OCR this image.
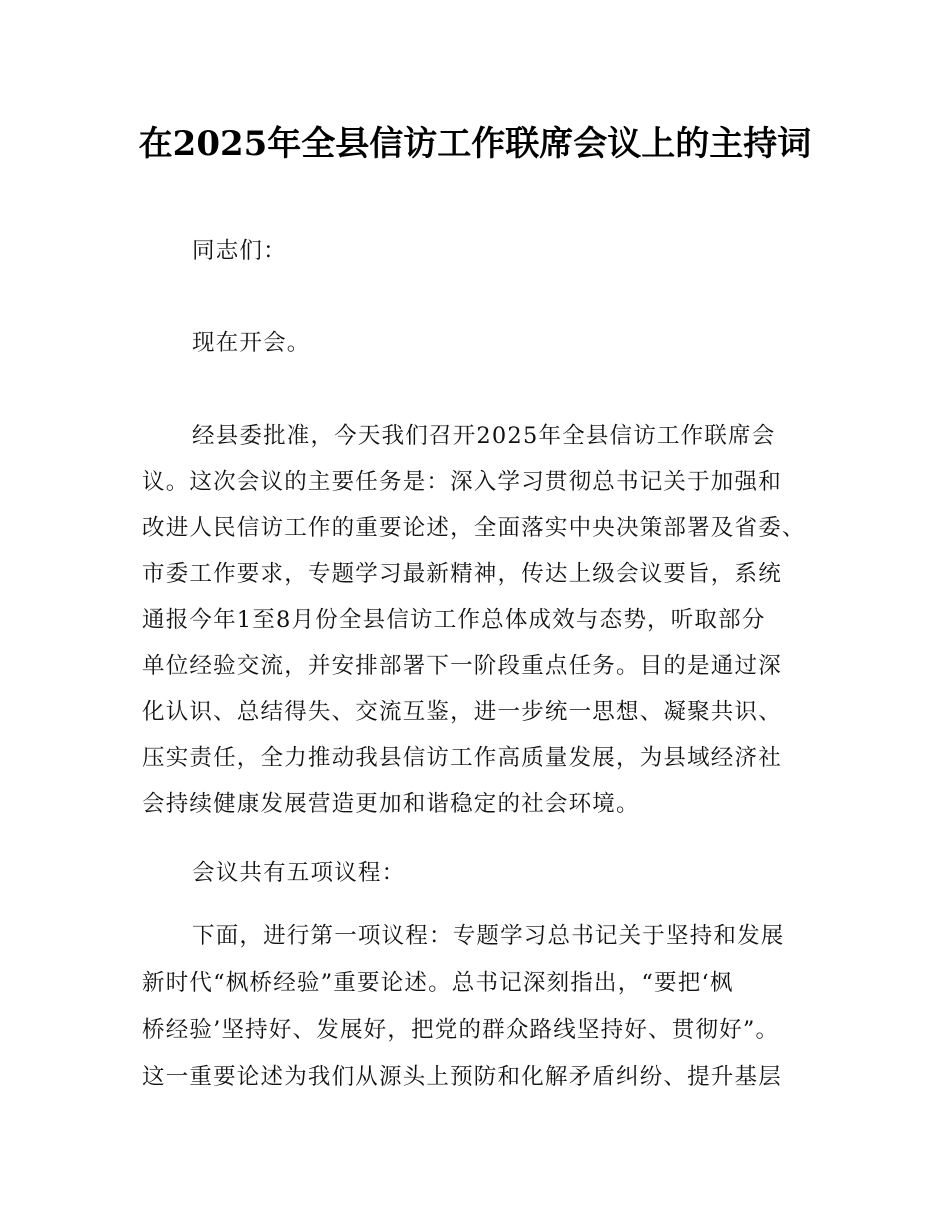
在2025年全县信访工作联席会议上的主持词
同志们：
现在开会。
经县委批准，今天我们召开2025年全县信访工作联席会
议。这次会议的主要任务是：深入学习贯彻总书记关于加强和
改进人民信访工作的重要论述，全面落实中央决策部署及省委、
市委工作要求，专题学习最新精神，传达上级会议要旨，系统
通报今年1至8月份全县信访工作总体成效与态势，听取部分
单位经验交流，并安排部署下一阶段重点任务。目的是通过深
化认识、总结得失、交流互鉴，进一步统一思想、凝聚共识、
压实责任，全力推动我县信访工作高质量发展，为县域经济社
会持续健康发展营造更加和谐稳定的社会环境。
会议共有五项议程：
下面，进行第一项议程：专题学习总书记关于坚持和发展
新时代“枫桥经验”重要论述。总书记深刻指出，“要把‘枫
桥经验’坚持好、发展好，把党的群众路线坚持好、贯彻好”。
这一重要论述为我们从源头上预防和化解矛盾纠纷、提升基层
